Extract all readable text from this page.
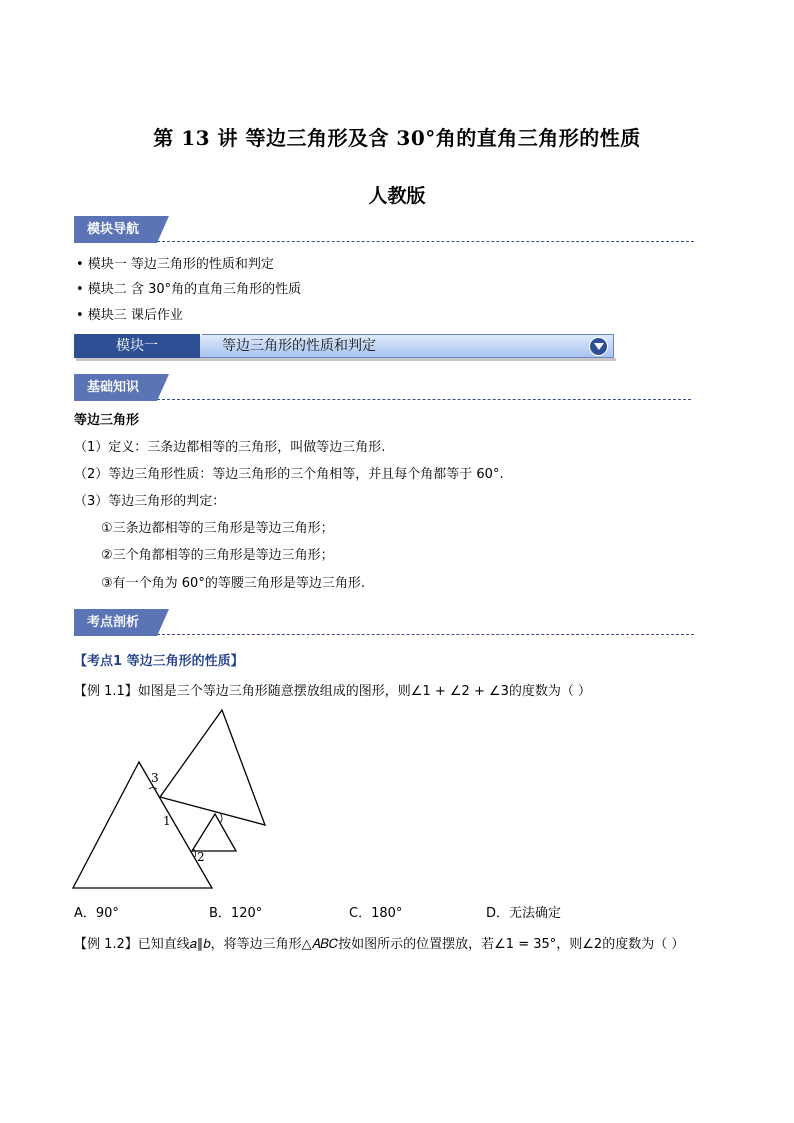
第 13 讲 等边三角形及含 30°角的直角三角形的性质
人教版
模块导航
• 模块一 等边三角形的性质和判定
• 模块二 含 30°角的直角三角形的性质
• 模块三 课后作业
模块一	等边三角形的性质和判定
基础知识
等边三角形
（1）定义：三条边都相等的三角形，叫做等边三角形.
（2）等边三角形性质：等边三角形的三个角相等，并且每个角都等于 60°.
（3）等边三角形的判定：
①三条边都相等的三角形是等边三角形；
②三个角都相等的三角形是等边三角形；
③有一个角为 60°的等腰三角形是等边三角形.
考点剖析
【考点1 等边三角形的性质】
【例 1.1】如图是三个等边三角形随意摆放组成的图形，则∠1 + ∠2 + ∠3的度数为（ ）
1
2
3
A．90°	B．120°	C．180°	D．无法确定
【例 1.2】已知直线𝑎∥𝑏，将等边三角形△𝐴𝐵𝐶按如图所示的位置摆放，若∠1 = 35°，则∠2的度数为（ ）
